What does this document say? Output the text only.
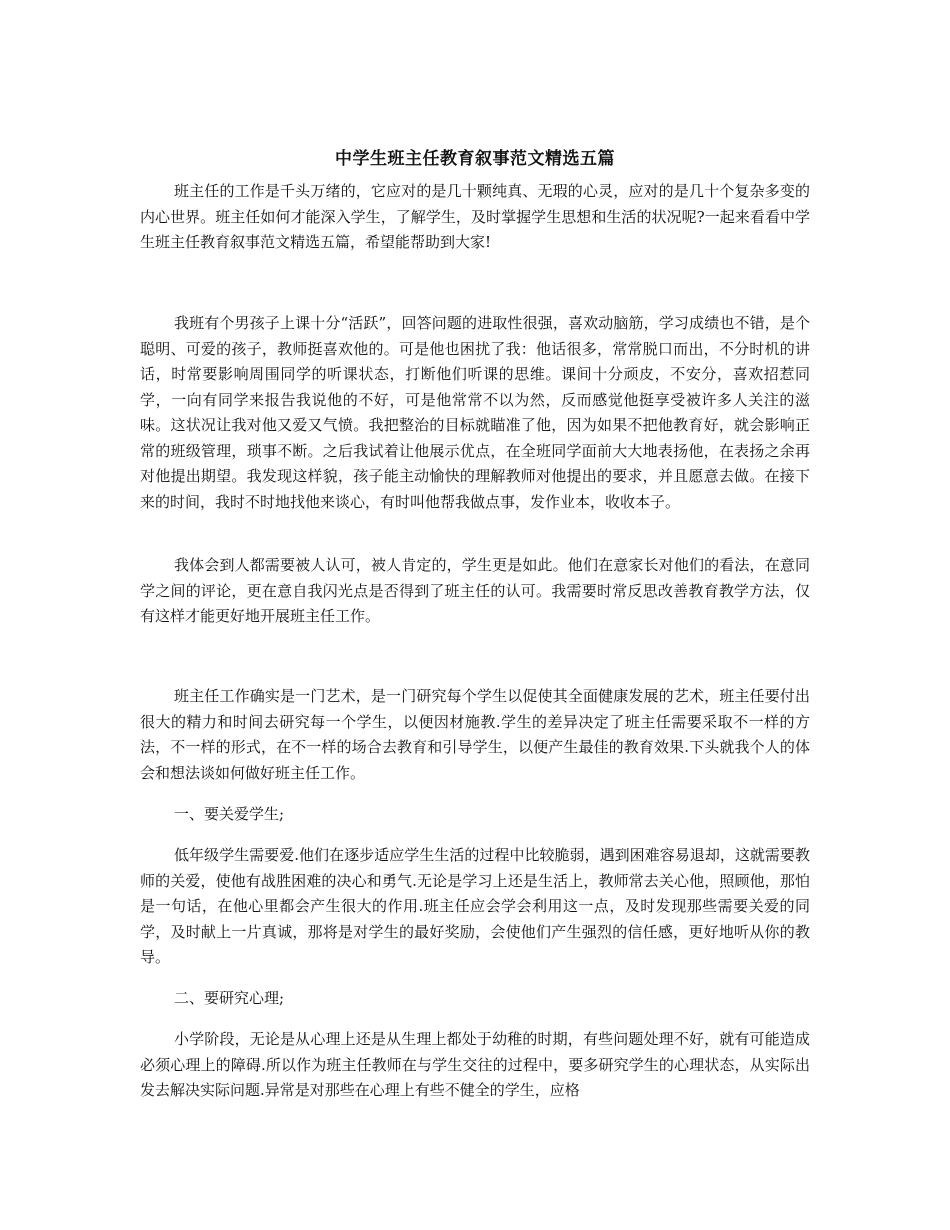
中学生班主任教育叙事范文精选五篇

班主任的工作是千头万绪的，它应对的是几十颗纯真、无瑕的心灵，应对的是几十个复杂多变的内心世界。班主任如何才能深入学生，了解学生，及时掌握学生思想和生活的状况呢?一起来看看中学生班主任教育叙事范文精选五篇，希望能帮助到大家!

我班有个男孩子上课十分“活跃”，回答问题的进取性很强，喜欢动脑筋，学习成绩也不错，是个聪明、可爱的孩子，教师挺喜欢他的。可是他也困扰了我：他话很多，常常脱口而出，不分时机的讲话，时常要影响周围同学的听课状态，打断他们听课的思维。课间十分顽皮，不安分，喜欢招惹同学，一向有同学来报告我说他的不好，可是他常常不以为然，反而感觉他挺享受被许多人关注的滋味。这状况让我对他又爱又气愤。我把整治的目标就瞄准了他，因为如果不把他教育好，就会影响正常的班级管理，琐事不断。之后我试着让他展示优点，在全班同学面前大大地表扬他，在表扬之余再对他提出期望。我发现这样貌，孩子能主动愉快的理解教师对他提出的要求，并且愿意去做。在接下来的时间，我时不时地找他来谈心，有时叫他帮我做点事，发作业本，收收本子。

我体会到人都需要被人认可，被人肯定的，学生更是如此。他们在意家长对他们的看法，在意同学之间的评论，更在意自我闪光点是否得到了班主任的认可。我需要时常反思改善教育教学方法，仅有这样才能更好地开展班主任工作。

班主任工作确实是一门艺术，是一门研究每个学生以促使其全面健康发展的艺术，班主任要付出很大的精力和时间去研究每一个学生，以便因材施教.学生的差异决定了班主任需要采取不一样的方法，不一样的形式，在不一样的场合去教育和引导学生，以便产生最佳的教育效果.下头就我个人的体会和想法谈如何做好班主任工作。

一、要关爱学生;

低年级学生需要爱.他们在逐步适应学生生活的过程中比较脆弱，遇到困难容易退却，这就需要教师的关爱，使他有战胜困难的决心和勇气.无论是学习上还是生活上，教师常去关心他，照顾他，那怕是一句话，在他心里都会产生很大的作用.班主任应会学会利用这一点，及时发现那些需要关爱的同学，及时献上一片真诚，那将是对学生的最好奖励，会使他们产生强烈的信任感，更好地听从你的教导。

二、要研究心理;

小学阶段，无论是从心理上还是从生理上都处于幼稚的时期，有些问题处理不好，就有可能造成必须心理上的障碍.所以作为班主任教师在与学生交往的过程中，要多研究学生的心理状态，从实际出发去解决实际问题.异常是对那些在心理上有些不健全的学生，应格
